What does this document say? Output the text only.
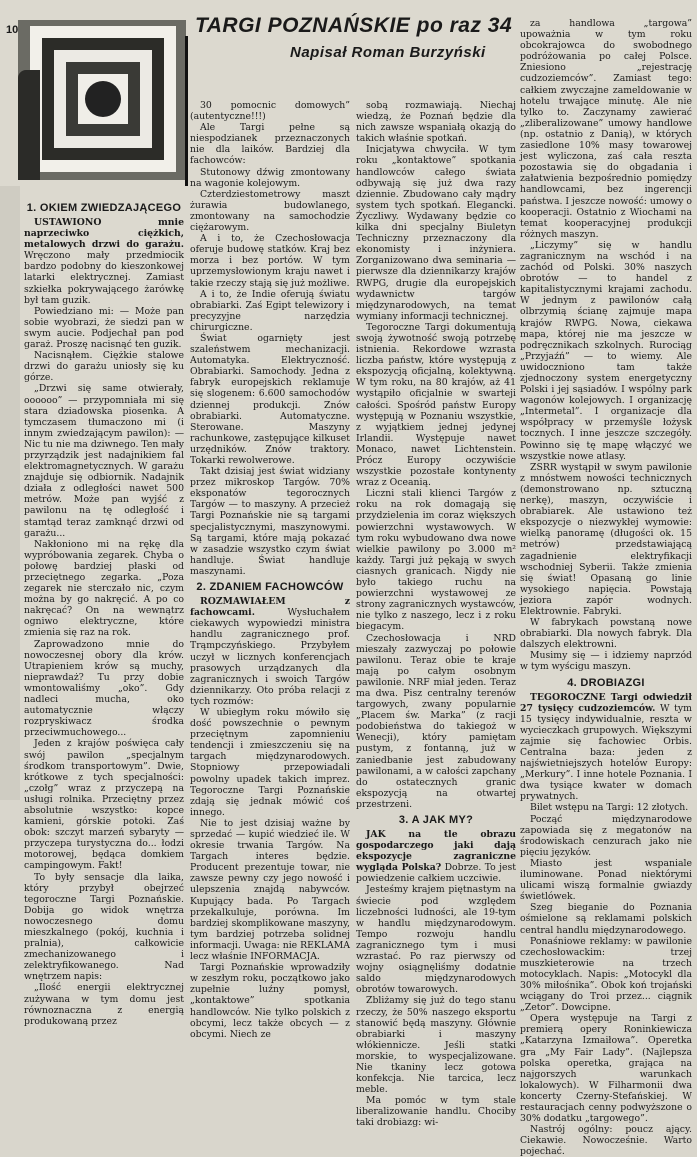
10	TARGI POZNAŃSKIE po raz 34
Napisał Roman Burzyński
1. OKIEM ZWIEDZAJĄCEGO

USTAWIONO mnie naprzeciwko ciężkich, metalowych drzwi do garażu. Wręczono mały przedmiocik bardzo podobny do kieszonkowej latarki elektrycznej. Zamiast szkiełka pokrywającego żarówkę był tam guzik.

Powiedziano mi: — Może pan sobie wyobrazi, że siedzi pan w swym aucie. Podjechał pan pod garaż. Proszę nacisnąć ten guzik.

Nacisnąłem. Ciężkie stalowe drzwi do garażu uniosły się ku górze.

„Drzwi się same otwierały, oooooo” — przypomniała mi się stara dziadowska piosenka. A tymczasem tłumaczono mi (i innym zwiedzającym pawilon): — Nic tu nie ma dziwnego. Ten mały przyrządzik jest nadajnikiem fal elektromagnetycznych. W garażu znajduje się odbiornik. Nadajnik działa z odległości nawet 500 metrów. Może pan wyjść z pawilonu na tę odległość i stamtąd teraz zamknąć drzwi od garażu...

Nakłoniono mi na rękę dla wypróbowania zegarek. Chyba o połowę bardziej płaski od przeciętnego zegarka. „Poza zegarek nie sterczało nic, czym można by go nakręcić. A po co nakręcać? On na wewnątrz ogniwo elektryczne, które zmienia się raz na rok.

Zaprowadzono mnie do nowoczesnej obory dla krów. Utrapieniem krów są muchy, nieprawdaż? Tu przy dobie wmontowaliśmy „oko”. Gdy nadleci mucha, oko automatycznie włączy rozpryskiwacz środka przeciwmuchowego...

Jeden z krajów poświęca cały swój pawilon „specjalnym środkom transportowym”. Dwie, krótkowe z tych specjalności: „czołg” wraz z przyczepą na usługi rolnika. Przeciętny przez absolutnie wszystko: kopce kamieni, górskie potoki. Zaś obok: szczyt marzeń sybaryty — przyczepa turystyczna do... łodzi motorowej, będąca domkiem campingowym. Fakt!

To były sensacje dla laika, który przybył obejrzeć tegoroczne Targi Poznańskie. Dobija go widok wnętrza nowoczesnego domu mieszkalnego (pokój, kuchnia i pralnia), całkowicie zmechanizowanego i zelektryfikowanego. Nad wnętrzem napis:

„Ilość energii elektrycznej zużywana w tym domu jest równoznaczna z energią produkowaną przez

30 pomocnic domowych” (autentyczne!!!)

Ale Targi pełne są niespodzianek przeznaczonych nie dla laików. Bardziej dla fachowców:

Stutonowy dźwig zmontowany na wagonie kolejowym.

Czterdziestometrowy maszt żurawia budowlanego, zmontowany na samochodzie ciężarowym.

A i to, że Czechosłowacja oferuje budowę statków. Kraj bez morza i bez portów. W tym uprzemysłowionym kraju nawet i takie rzeczy stają się już możliwe.

A i to, że Indie oferują światu obrabiarki. Zaś Egipt telewizory i precyzyjne narzędzia chirurgiczne.

Świat ogarnięty jest szaleństwem mechanizacji. Automatyka. Elektryczność. Obrabiarki. Samochody. Jedna z fabryk europejskich reklamuje się slogenem: 6.600 samochodów dziennej produkcji. Znów obrabiarki. Automatyczne. Sterowane. Maszyny rachunkowe, zastępujące kilkuset urzędników. Znów traktory. Tokarki rewolwerowe.

Takt dzisiaj jest świat widziany przez mikroskop Targów. 70% eksponatów tegorocznych Targów — to maszyny. A przecież Targi Poznańskie nie są targami specjalistycznymi, maszynowymi. Są targami, które mają pokazać w zasadzie wszystko czym świat handluje. Świat handluje maszynami.

2. ZDANIEM FACHOWCÓW

ROZMAWIAŁEM z fachowcami.	Wysłuchałem ciekawych wypowiedzi ministra handlu zagranicznego prof. Trąmpczyńskiego. Przybyłem uczył w licznych konferencjach prasowych urządzanych dla zagranicznych i swoich Targów dziennikarzy. Oto próba relacji z tych rozmów:

W ubiegłym roku mówiło się dość powszechnie o pewnym przeciętnym zapomnieniu tendencji i zmieszczeniu się na targach międzynarodowych. Stopniowy przepowiadali powolny upadek takich imprez. Tegoroczne Targi Poznańskie zdają się jednak mówić coś innego.

Nie to jest dzisiaj ważne by sprzedać — kupić wiedzieć ile. W okresie trwania Targów. Na Targach interes będzie. Producent prezentuje towar, nie zawsze pewny czy jego nowość i ulepszenia znajdą nabywców. Kupujący bada. Po Targach przekalkuluje, porówna. Im bardziej skomplikowane maszyny, tym bardziej potrzeba solidnej informacji. Uwaga: nie REKLAMA lecz właśnie INFORMACJA.

Targi Poznańskie wprowadziły w zeszłym roku, początkowo jako zupełnie luźny pomysł, „kontaktowe” spotkania handlowców. Nie tylko polskich z obcymi, lecz także obcych — z obcymi. Niech ze

sobą rozmawiają. Niechaj wiedzą, że Poznań będzie dla nich zawsze wspaniałą okazją do takich właśnie spotkań.

Inicjatywa chwyciła. W tym roku „kontaktowe” spotkania handlowców całego świata odbywają się już dwa razy dziennie. Zbudowano cały mądry system tych spotkań. Elegancki. Życzliwy. Wydawany będzie co kilka dni specjalny Biuletyn Techniczny przeznaczony dla ekonomisty i inżyniera. Zorganizowano dwa seminaria — pierwsze dla dziennikarzy krajów RWPG, drugie dla europejskich wydawnictw targów międzynarodowych, na temat wymiany informacji technicznej.

Tegoroczne Targi dokumentują swoją żywotność swoją potrzebę istnienia. Rekordowe wzrasta liczba państw, które występują z ekspozycją oficjalną, kolektywną. W tym roku, na 80 krajów, aż 41 wystąpiło oficjalnie w swarteji całości. Spośród państw Europy występują w Poznaniu wszystkie, z wyjątkiem jednej jedynej Irlandii. Występuje nawet Monaco, nawet Lichtenstein. Prócz Europy oczywiście wszystkie pozostałe kontynenty wraz z Oceanią.

Liczni stali klienci Targów z roku na rok domagają się przydzielenia im coraz większych powierzchni wystawowych. W tym roku wybudowano dwa nowe wielkie pawilony po 3.000 m² każdy. Targi już pękają w swych ciasnych granicach. Nigdy nie było takiego ruchu na powierzchni wystawowej ze strony zagranicznych wystawców, nie tylko z naszego, lecz i z roku biegacym.

Czechosłowacja i NRD mieszały zazwyczaj po połowie pawilonu. Teraz obie te kraje mają po całym osobnym pawilonie. NRF miał jeden. Teraz ma dwa. Pisz centralny terenów targowych, zwany popularnie „Placem św. Marka” (z racji podobieństwa do takiegoż w Wenecji), który pamiętam pustym, z fontanną, już w zaniedbanie jest zabudowany pawilonami, a w całości zapchany do ostatecznych granic ekspozycją na otwartej przestrzeni.

3. A JAK MY?

JAK na tle obrazu gospodarczego jaki dają ekspozycje zagraniczne wygląda Polska? Dobrze. To jest powiedzenie całkiem uczciwie.

Jesteśmy krajem piętnastym na świecie pod względem liczebności ludności, ale 19-tym w handlu międzynarodowym. Tempo rozwoju handlu zagranicznego tym i musi wzrastać. Po raz pierwszy od wojny osiągnęliśmy dodatnie saldo międzynarodowych obrotów towarowych.

Zbliżamy się już do tego stanu rzeczy, że 50% naszego eksportu stanowić będą maszyny. Głównie obrabiarki i maszyny włókiennicze. Jeśli statki morskie, to wyspecjalizowane. Nie tkaniny lecz gotowa konfekcja. Nie tarcica, lecz meble.

Ma pomóc w tym stale liberalizowanie handlu. Chociby taki drobiazg: wi-

za handlowa „targowa” upoważnia w tym roku obcokrajowca do swobodnego podróżowania po całej Polsce. Zniesiono „rejestrację cudzoziemców”. Zamiast tego: całkiem zwyczajne zameldowanie w hotelu trwające minutę. Ale nie tylko to. Zaczynamy zawierać „zliberalizowane” umowy handlowe (np. ostatnio z Danią), w których zasiedlone 10% masy towarowej jest wyliczona, zaś cała reszta pozostawia się do obgadania i załatwienia bezpośrednio pomiędzy handlowcami, bez ingerencji państwa. I jeszcze nowość: umowy o kooperacji. Ostatnio z Wiochami na temat kooperacyjnej produkcji różnych maszyn.

„Liczymy” się w handlu zagranicznym na wschód i na zachód od Polski. 30% naszych obrotów — to handel z kapitalistycznymi krajami zachodu. W jednym z pawilonów całą olbrzymią ścianę zajmuje mapa krajów RWPG. Nowa, ciekawa mapa, której nie ma jeszcze w podręcznikach szkolnych. Rurociąg „Przyjaźń” — to wiemy. Ale uwidoczniono tam także zjednoczony system energetyczny Polski i jej sąsiadów. I wspólny park wagonów kolejowych. I organizację „Intermetal”. I organizacje dla współpracy w przemyśle łożysk tocznych. I inne jeszcze szczegóły. Powinno się tę mapę włączyć we wszystkie nowe atlasy.

ZSRR wystąpił w swym pawilonie z mnóstwem nowości technicznych (demonstrowano np. sztuczną nerkę), maszyn, oczywiście i obrabiarek. Ale ustawiono też ekspozycje o niezwykłej wymowie: wielką panoramę (długości ok. 15 metrów) przedstawiającą zagadnienie elektryfikacji wschodniej Syberii. Także zmienia się świat! Opasaną go linie wysokiego napięcia. Powstają jeziora zapór wodnych. Elektrownie. Fabryki.

W fabrykach powstaną nowe obrabiarki. Dla nowych fabryk. Dla dalszych elektrowni.

Musimy się — i idziemy naprzód w tym wyścigu maszyn.

4. DROBIAZGI

TEGOROCZNE Targi odwiedził 27 tysięcy cudzoziemców. W tym 15 tysięcy indywidualnie, reszta w wycieczkach grupowych. Większymi zajmie się fachowiec Orbis. Centralna baza: jeden z najświetniejszych hotelów Europy: „Merkury”. I inne hotele Poznania. I dwa tysiące kwater w domach prywatnych.

Bilet wstępu na Targi: 12 złotych.

Począć międzynarodowe zapowiada się z megatonów na środowiskach cenzurach jako nie pięciu języków.

Miasto jest wspaniale iluminowane. Ponad niektórymi ulicami wiszą formalnie gwiazdy świetlówek.

Szeg bieganie do Poznania ośmielone są reklamami polskich central handlu międzynarodowego.

Ponaśniowe reklamy: w pawilonie czechosłowackim: trzej muszkieterowie na trzech motocyklach. Napis: „Motocykl dla 30% miłośnika”. Obok koń trojański wciągany do Troi przez... ciągnik „Zetor”. Dowcipne.

Opera występuje na Targi z premierą opery Roninkiewicza „Katarzyna Izmaiłowa”. Operetka gra „My Fair Lady”. (Najlepsza polska operetka, grająca na najgorszych warunkach lokalowych). W Filharmonii dwa koncerty Czerny-Stefańskiej. W restauracjach cenny podwyższone o 30% dodatku „targowego”.

Nastrój ogólny: poucz ający. Ciekawie. Nowocześnie. Warto pojechać.
